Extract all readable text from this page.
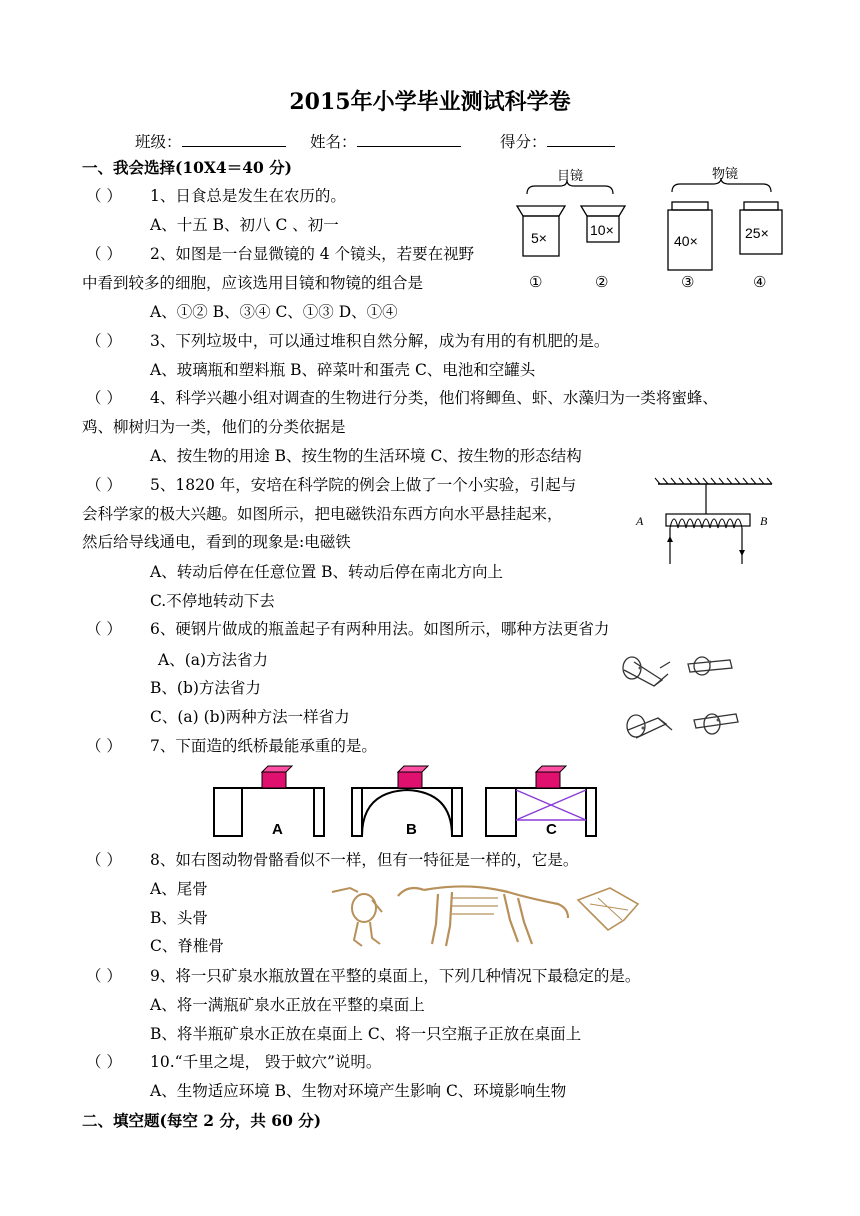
2015年小学毕业测试科学卷
班级：	姓名：	得分：
一、我会选择(10X4＝40 分)
（ ） 1、日食总是发生在农历的。
A、十五 B、初八 C 、初一
（ ） 2、如图是一台显微镜的 4 个镜头，若要在视野
中看到较多的细胞，应该选用目镜和物镜的组合是
A、①② B、③④ C、①③ D、①④
目镜	物镜
5×	10×
40×	25×
①	②	③	④
（ ） 3、下列垃圾中，可以通过堆积自然分解，成为有用的有机肥的是。
A、玻璃瓶和塑料瓶 B、碎菜叶和蛋壳 C、电池和空罐头
（ ） 4、科学兴趣小组对调查的生物进行分类，他们将鲫鱼、虾、水藻归为一类将蜜蜂、
鸡、柳树归为一类，他们的分类依据是
A、按生物的用途 B、按生物的生活环境 C、按生物的形态结构
（ ） 5、1820 年，安培在科学院的例会上做了一个小实验，引起与
会科学家的极大兴趣。如图所示，把电磁铁沿东西方向水平悬挂起来，
然后给导线通电，看到的现象是:电磁铁
A、转动后停在任意位置 B、转动后停在南北方向上
C.不停地转动下去
A	B
（ ） 6、硬钢片做成的瓶盖起子有两种用法。如图所示，哪种方法更省力
A、(a)方法省力
B、(b)方法省力
C、(a) (b)两种方法一样省力
（ ） 7、下面造的纸桥最能承重的是。
A	B	C
（ ） 8、如右图动物骨骼看似不一样，但有一特征是一样的，它是。
A、尾骨
B、头骨
C、脊椎骨
（ ） 9、将一只矿泉水瓶放置在平整的桌面上，下列几种情况下最稳定的是。
A、将一满瓶矿泉水正放在平整的桌面上
B、将半瓶矿泉水正放在桌面上 C、将一只空瓶子正放在桌面上
（ ） 10.“千里之堤， 毁于蚊穴”说明。
A、生物适应环境 B、生物对环境产生影响 C、环境影响生物
二、填空题(每空 2 分，共 60 分)
